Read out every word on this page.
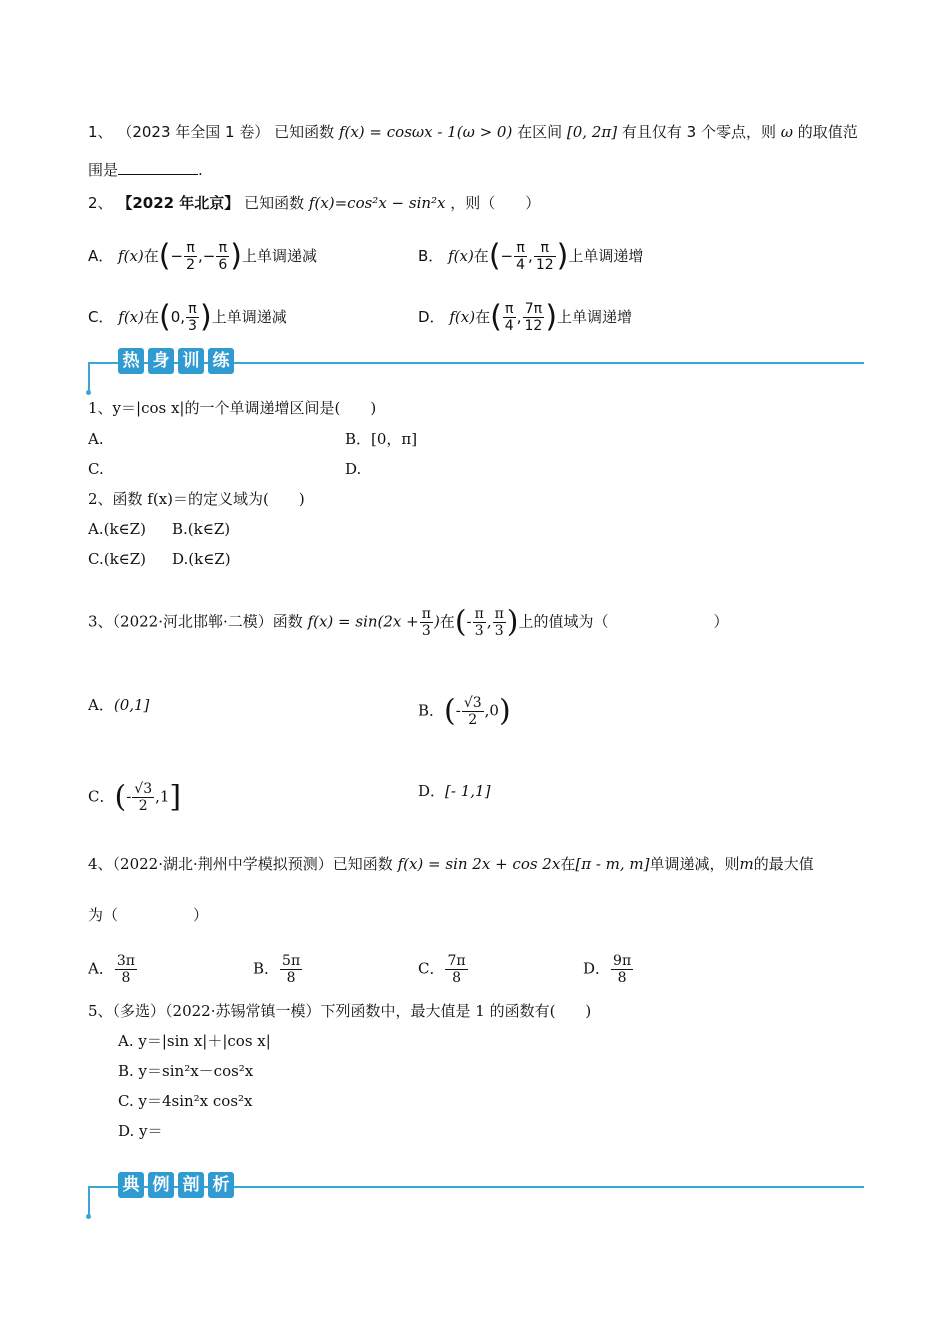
1、 （2023 年全国 1 卷） 已知函数 f(x) = cosωx - 1(ω > 0) 在区间 [0, 2π] 有且仅有 3 个零点，则 ω 的取值范
围是	.
2、 【2022 年北京】 已知函数 f(x)=cos²x − sin²x ，则（　　）
A． f(x)在(− $\frac{\pi}{2}$ ,− $\frac{\pi}{6}$ )上单调递减	B． f(x)在(− $\frac{\pi}{4}$ , $\frac{\pi}{12}$ )上单调递增
C． f(x)在(0, $\frac{\pi}{3}$ )上单调递减	D． f(x)在( $\frac{\pi}{4}$ , $\frac{7\pi}{12}$ )上单调递增
热 身 训 练
1、y＝|cos x|的一个单调递增区间是(　　)
A.	B．[0，π]
C.	D.
2、函数 f(x)＝的定义域为(　　)
A.(k∈Z) B.(k∈Z)
C.(k∈Z) D.(k∈Z)
3、（2022·河北邯郸·二模）函数 $f(x) = \sin(2x + \frac{\pi}{3}$ )在(- $\frac{\pi}{3}$ , $\frac{\pi}{3}$ )上的值域为（　　　　　　　）
A．(0,1]	B．(- $\frac{√3}{2} ,0$)
C．(- $\frac{√3}{2} ,1$]	D．[- 1,1]
4、（2022·湖北·荆州中学模拟预测）已知函数 f(x) = sin 2x + cos 2x在[π - m, m]单调递减，则m的最大值
为（　　　　　）
A． $\frac{3\pi}{8}$	B． $\frac{5\pi}{8}$	C． $\frac{7\pi}{8}$	D． $\frac{9\pi}{8}$
5、（多选）（2022·苏锡常镇一模）下列函数中，最大值是 1 的函数有(　　)
A. y＝|sin x|＋|cos x|
B. y＝sin²x－cos²x
C. y＝4sin²x cos²x
D. y＝
典 例 剖 析
